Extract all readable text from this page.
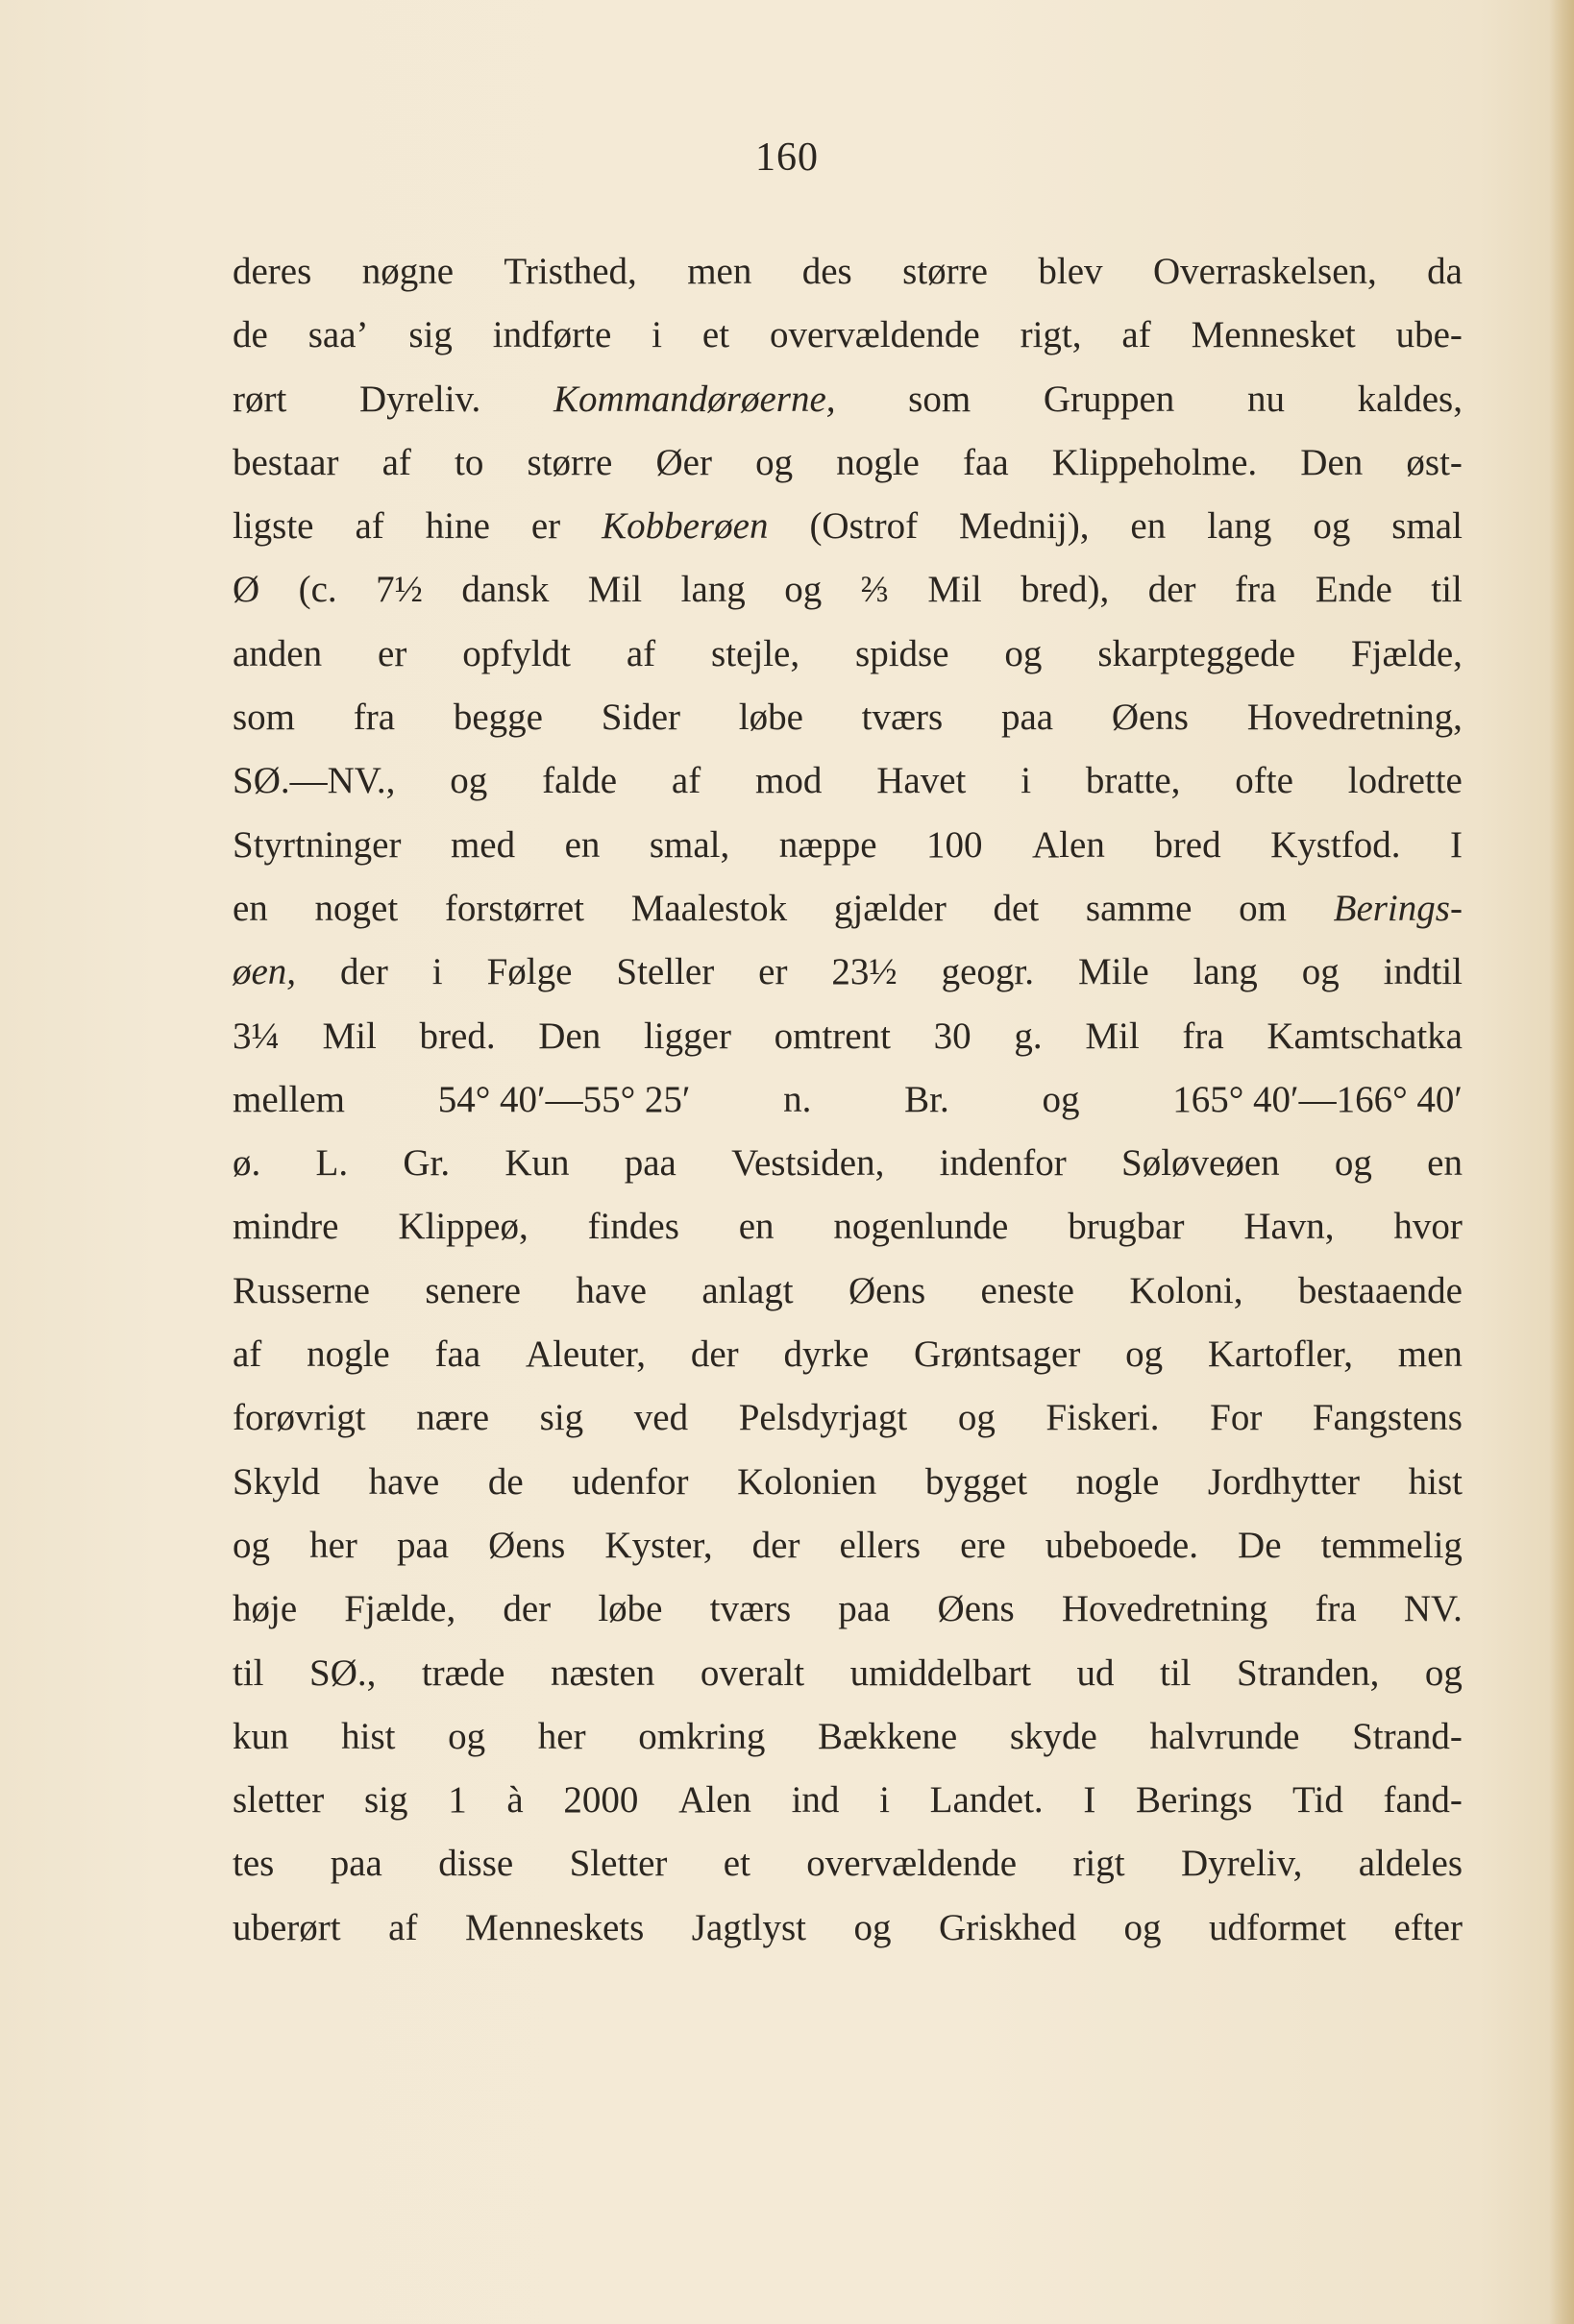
160
deres nøgne Tristhed, men des større blev Overraskelsen, da
de saa’ sig indførte i et overvældende rigt, af Mennesket ube-
rørt Dyreliv. Kommandørøerne, som Gruppen nu kaldes,
bestaar af to større Øer og nogle faa Klippeholme. Den øst-
ligste af hine er Kobberøen (Ostrof Mednij), en lang og smal
Ø (c. 7½ dansk Mil lang og ⅔ Mil bred), der fra Ende til
anden er opfyldt af stejle, spidse og skarpteggede Fjælde,
som fra begge Sider løbe tværs paa Øens Hovedretning,
SØ.—NV., og falde af mod Havet i bratte, ofte lodrette
Styrtninger med en smal, næppe 100 Alen bred Kystfod. I
en noget forstørret Maalestok gjælder det samme om Berings-
øen, der i Følge Steller er 23½ geogr. Mile lang og indtil
3¼ Mil bred. Den ligger omtrent 30 g. Mil fra Kamtschatka
mellem 54° 40′—55° 25′ n. Br. og 165° 40′—166° 40′
ø. L. Gr. Kun paa Vestsiden, indenfor Søløveøen og en
mindre Klippeø, findes en nogenlunde brugbar Havn, hvor
Russerne senere have anlagt Øens eneste Koloni, bestaaende
af nogle faa Aleuter, der dyrke Grøntsager og Kartofler, men
forøvrigt nære sig ved Pelsdyrjagt og Fiskeri. For Fangstens
Skyld have de udenfor Kolonien bygget nogle Jordhytter hist
og her paa Øens Kyster, der ellers ere ubeboede. De temmelig
høje Fjælde, der løbe tværs paa Øens Hovedretning fra NV.
til SØ., træde næsten overalt umiddelbart ud til Stranden, og
kun hist og her omkring Bækkene skyde halvrunde Strand-
sletter sig 1 à 2000 Alen ind i Landet. I Berings Tid fand-
tes paa disse Sletter et overvældende rigt Dyreliv, aldeles
uberørt af Menneskets Jagtlyst og Griskhed og udformet efter
